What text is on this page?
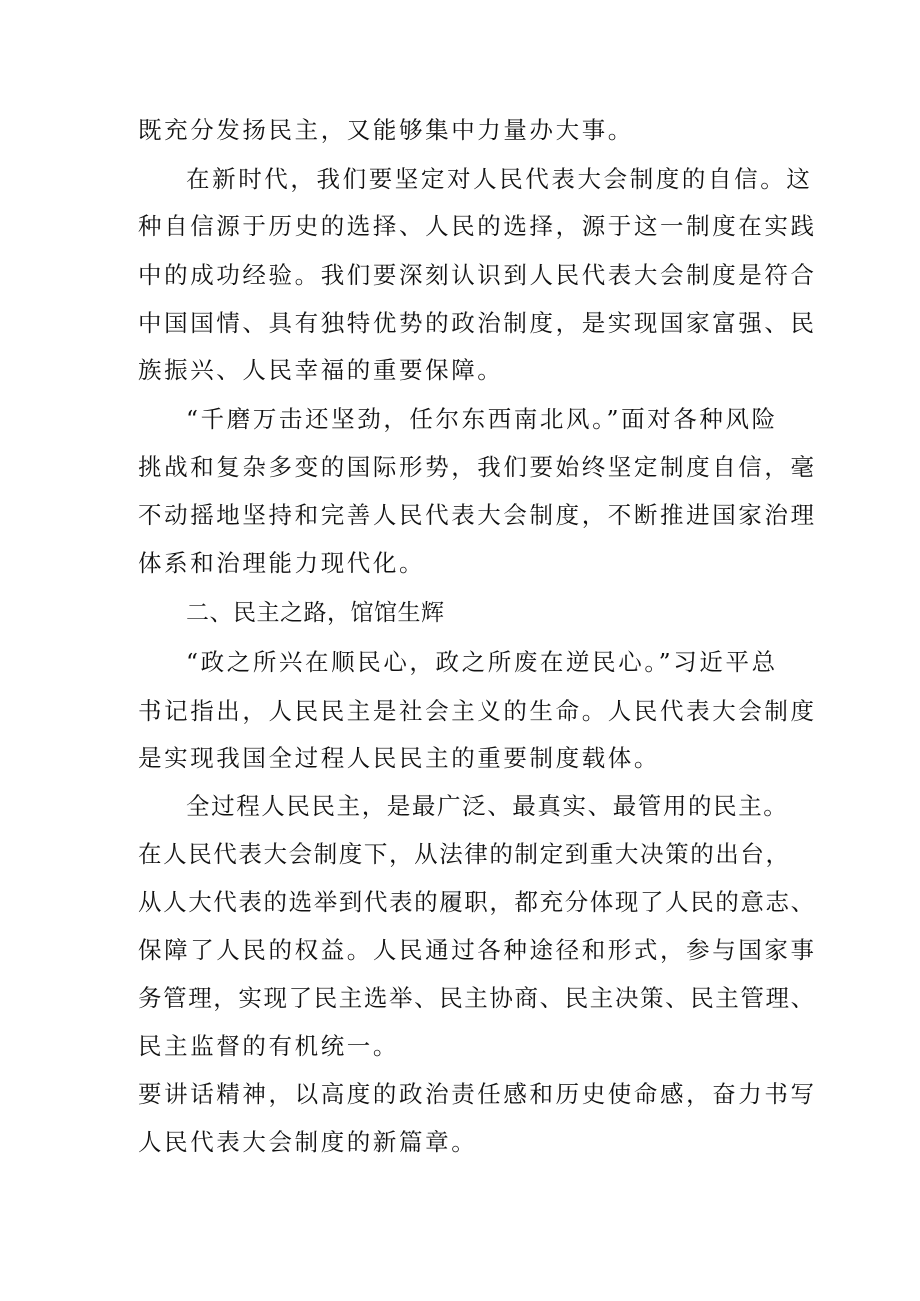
既充分发扬民主，又能够集中力量办大事。

在新时代，我们要坚定对人民代表大会制度的自信。这

种自信源于历史的选择、人民的选择，源于这一制度在实践

中的成功经验。我们要深刻认识到人民代表大会制度是符合

中国国情、具有独特优势的政治制度，是实现国家富强、民

族振兴、人民幸福的重要保障。

“千磨万击还坚劲，任尔东西南北风。”面对各种风险

挑战和复杂多变的国际形势，我们要始终坚定制度自信，毫

不动摇地坚持和完善人民代表大会制度，不断推进国家治理

体系和治理能力现代化。

二、民主之路，馆馆生辉

“政之所兴在顺民心，政之所废在逆民心。”习近平总

书记指出，人民民主是社会主义的生命。人民代表大会制度

是实现我国全过程人民民主的重要制度载体。

全过程人民民主，是最广泛、最真实、最管用的民主。

在人民代表大会制度下，从法律的制定到重大决策的出台，

从人大代表的选举到代表的履职，都充分体现了人民的意志、

保障了人民的权益。人民通过各种途径和形式，参与国家事

务管理，实现了民主选举、民主协商、民主决策、民主管理、

民主监督的有机统一。

要讲话精神，以高度的政治责任感和历史使命感，奋力书写

人民代表大会制度的新篇章。
